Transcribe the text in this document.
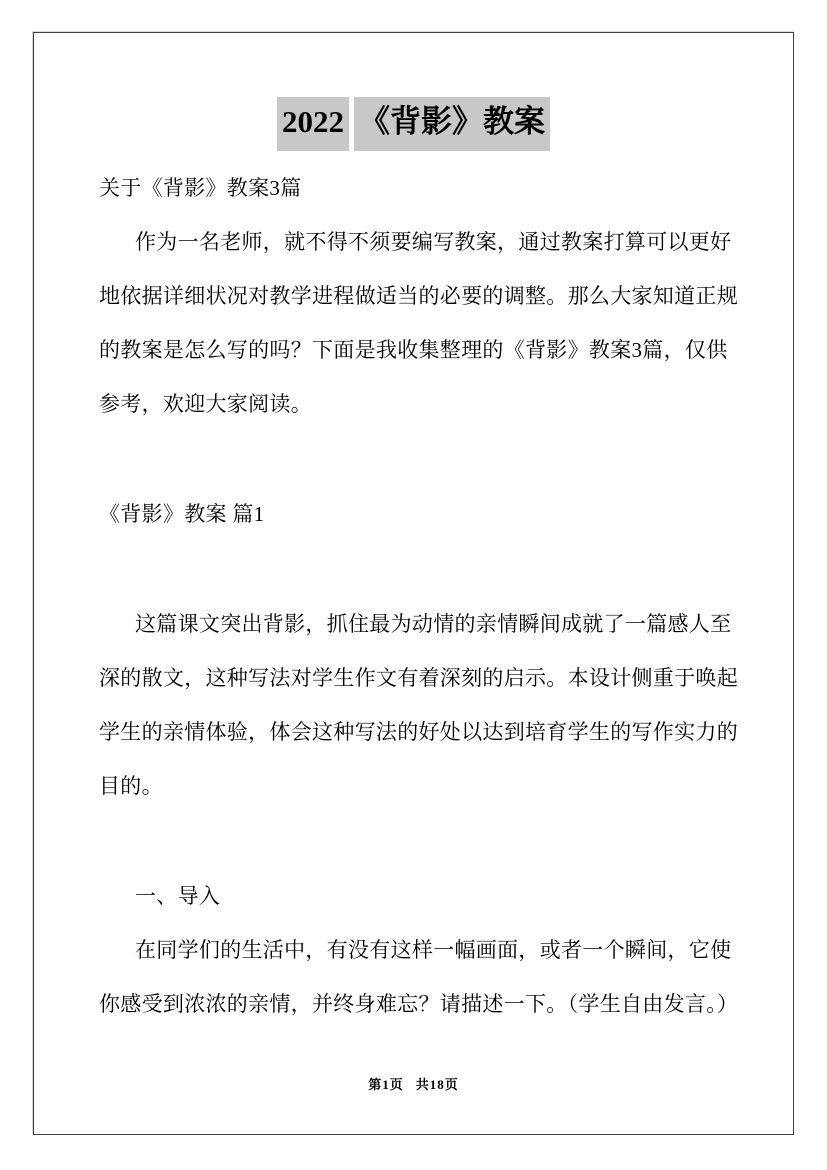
2022 《背影》教案
关于《背影》教案3篇
作为一名老师，就不得不须要编写教案，通过教案打算可以更好
地依据详细状况对教学进程做适当的必要的调整。那么大家知道正规
的教案是怎么写的吗？下面是我收集整理的《背影》教案3篇，仅供
参考，欢迎大家阅读。
《背影》教案 篇1
这篇课文突出背影，抓住最为动情的亲情瞬间成就了一篇感人至
深的散文，这种写法对学生作文有着深刻的启示。本设计侧重于唤起
学生的亲情体验，体会这种写法的好处以达到培育学生的写作实力的
目的。
一、导入
在同学们的生活中，有没有这样一幅画面，或者一个瞬间，它使
你感受到浓浓的亲情，并终身难忘？请描述一下。（学生自由发言。）
第1页 共18页
